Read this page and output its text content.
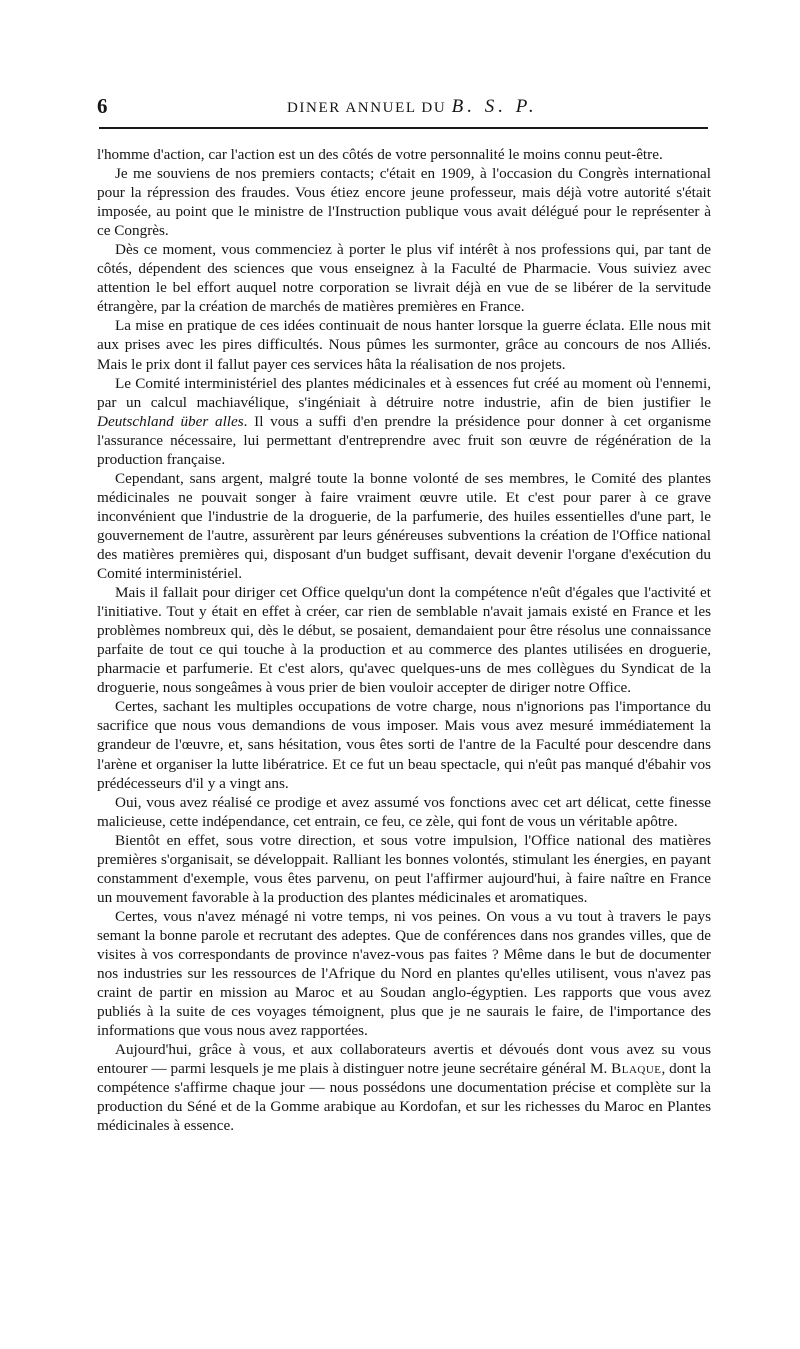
6	DINER ANNUEL DU B. S. P.

l'homme d'action, car l'action est un des côtés de votre personnalité le moins connu peut-être.

Je me souviens de nos premiers contacts; c'était en 1909, à l'occasion du Congrès international pour la répression des fraudes. Vous étiez encore jeune professeur, mais déjà votre autorité s'était imposée, au point que le ministre de l'Instruction publique vous avait délégué pour le représenter à ce Congrès.

Dès ce moment, vous commenciez à porter le plus vif intérêt à nos professions qui, par tant de côtés, dépendent des sciences que vous enseignez à la Faculté de Pharmacie. Vous suiviez avec attention le bel effort auquel notre corporation se livrait déjà en vue de se libérer de la servitude étrangère, par la création de marchés de matières premières en France.

La mise en pratique de ces idées continuait de nous hanter lorsque la guerre éclata. Elle nous mit aux prises avec les pires difficultés. Nous pûmes les surmonter, grâce au concours de nos Alliés. Mais le prix dont il fallut payer ces services hâta la réalisation de nos projets.

Le Comité interministériel des plantes médicinales et à essences fut créé au moment où l'ennemi, par un calcul machiavélique, s'ingéniait à détruire notre industrie, afin de bien justifier le Deutschland über alles. Il vous a suffi d'en prendre la présidence pour donner à cet organisme l'assurance nécessaire, lui permettant d'entreprendre avec fruit son œuvre de régénération de la production française.

Cependant, sans argent, malgré toute la bonne volonté de ses membres, le Comité des plantes médicinales ne pouvait songer à faire vraiment œuvre utile. Et c'est pour parer à ce grave inconvénient que l'industrie de la droguerie, de la parfumerie, des huiles essentielles d'une part, le gouvernement de l'autre, assurèrent par leurs généreuses subventions la création de l'Office national des matières premières qui, disposant d'un budget suffisant, devait devenir l'organe d'exécution du Comité interministériel.

Mais il fallait pour diriger cet Office quelqu'un dont la compétence n'eût d'égales que l'activité et l'initiative. Tout y était en effet à créer, car rien de semblable n'avait jamais existé en France et les problèmes nombreux qui, dès le début, se posaient, demandaient pour être résolus une connaissance parfaite de tout ce qui touche à la production et au commerce des plantes utilisées en droguerie, pharmacie et parfumerie. Et c'est alors, qu'avec quelques-uns de mes collègues du Syndicat de la droguerie, nous songeâmes à vous prier de bien vouloir accepter de diriger notre Office.

Certes, sachant les multiples occupations de votre charge, nous n'ignorions pas l'importance du sacrifice que nous vous demandions de vous imposer. Mais vous avez mesuré immédiatement la grandeur de l'œuvre, et, sans hésitation, vous êtes sorti de l'antre de la Faculté pour descendre dans l'arène et organiser la lutte libératrice. Et ce fut un beau spectacle, qui n'eût pas manqué d'ébahir vos prédécesseurs d'il y a vingt ans.

Oui, vous avez réalisé ce prodige et avez assumé vos fonctions avec cet art délicat, cette finesse malicieuse, cette indépendance, cet entrain, ce feu, ce zèle, qui font de vous un véritable apôtre.

Bientôt en effet, sous votre direction, et sous votre impulsion, l'Office national des matières premières s'organisait, se développait. Ralliant les bonnes volontés, stimulant les énergies, en payant constamment d'exemple, vous êtes parvenu, on peut l'affirmer aujourd'hui, à faire naître en France un mouvement favorable à la production des plantes médicinales et aromatiques.

Certes, vous n'avez ménagé ni votre temps, ni vos peines. On vous a vu tout à travers le pays semant la bonne parole et recrutant des adeptes. Que de conférences dans nos grandes villes, que de visites à vos correspondants de province n'avez-vous pas faites ? Même dans le but de documenter nos industries sur les ressources de l'Afrique du Nord en plantes qu'elles utilisent, vous n'avez pas craint de partir en mission au Maroc et au Soudan anglo-égyptien. Les rapports que vous avez publiés à la suite de ces voyages témoignent, plus que je ne saurais le faire, de l'importance des informations que vous nous avez rapportées.

Aujourd'hui, grâce à vous, et aux collaborateurs avertis et dévoués dont vous avez su vous entourer — parmi lesquels je me plais à distinguer notre jeune secrétaire général M. Blaque, dont la compétence s'affirme chaque jour — nous possédons une documentation précise et complète sur la production du Séné et de la Gomme arabique au Kordofan, et sur les richesses du Maroc en Plantes médicinales à essence.
